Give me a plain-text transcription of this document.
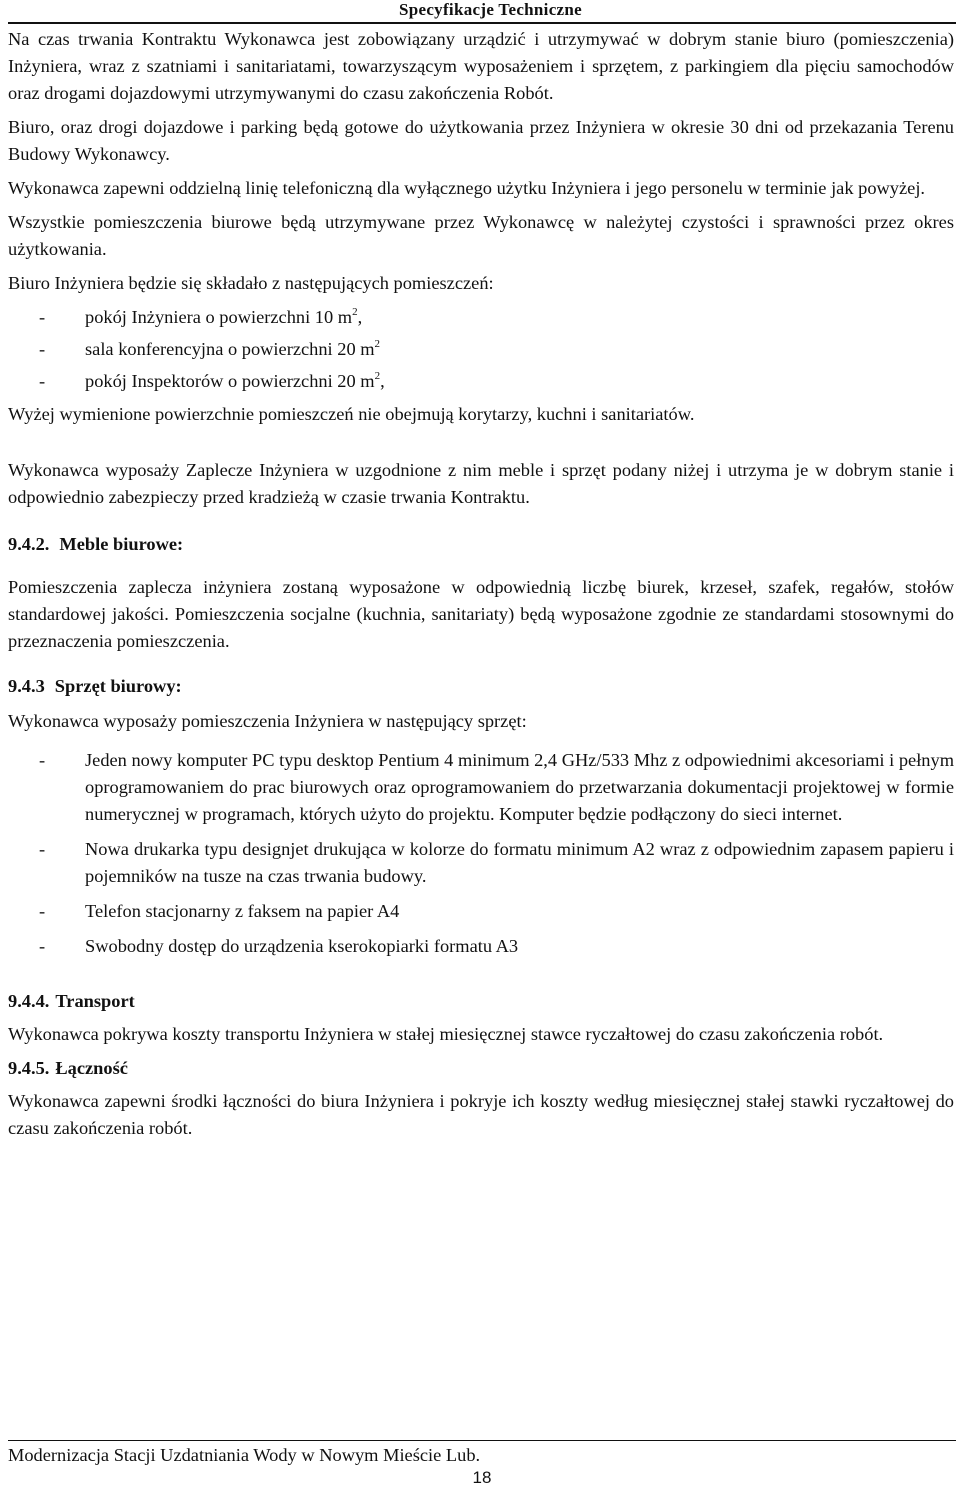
Specyfikacje Techniczne

Na czas trwania Kontraktu Wykonawca jest zobowiązany urządzić i utrzymywać w dobrym stanie biuro (pomieszczenia) Inżyniera, wraz z szatniami i sanitariatami, towarzyszącym wyposażeniem i sprzętem, z parkingiem dla pięciu samochodów oraz drogami dojazdowymi utrzymywanymi do czasu zakończenia Robót.

Biuro, oraz drogi dojazdowe i parking będą gotowe do użytkowania przez Inżyniera w okresie 30 dni od przekazania Terenu Budowy Wykonawcy.

Wykonawca zapewni oddzielną linię telefoniczną dla wyłącznego użytku Inżyniera i jego personelu w terminie jak powyżej.

Wszystkie pomieszczenia biurowe będą utrzymywane przez Wykonawcę w należytej czystości i sprawności przez okres użytkowania.

Biuro Inżyniera będzie się składało z następujących pomieszczeń:

- pokój Inżyniera o powierzchni 10 $m^2$,
- sala konferencyjna o powierzchni 20 $m^2$
- pokój Inspektorów o powierzchni 20 $m^2$,

Wyżej wymienione powierzchnie pomieszczeń nie obejmują korytarzy, kuchni i sanitariatów.

Wykonawca wyposaży Zaplecze Inżyniera w uzgodnione z nim meble i sprzęt podany niżej i utrzyma je w dobrym stanie i odpowiednio zabezpieczy przed kradzieżą w czasie trwania Kontraktu.

9.4.2. Meble biurowe:

Pomieszczenia zaplecza inżyniera zostaną wyposażone w odpowiednią liczbę biurek, krzeseł, szafek, regałów, stołów standardowej jakości. Pomieszczenia socjalne (kuchnia, sanitariaty) będą wyposażone zgodnie ze standardami stosownymi do przeznaczenia pomieszczenia.

9.4.3 Sprzęt biurowy:

Wykonawca wyposaży pomieszczenia Inżyniera w następujący sprzęt:

- Jeden nowy komputer PC typu desktop Pentium 4 minimum 2,4 GHz/533 Mhz z odpowiednimi akcesoriami i pełnym oprogramowaniem do prac biurowych oraz oprogramowaniem do przetwarzania dokumentacji projektowej w formie numerycznej w programach, których użyto do projektu. Komputer będzie podłączony do sieci internet.
- Nowa drukarka typu designjet drukująca w kolorze do formatu minimum A2 wraz z odpowiednim zapasem papieru i pojemników na tusze na czas trwania budowy.
- Telefon stacjonarny z faksem na papier A4
- Swobodny dostęp do urządzenia kserokopiarki formatu A3
9.4.4. Transport

Wykonawca pokrywa koszty transportu Inżyniera w stałej miesięcznej stawce ryczałtowej do czasu zakończenia robót.

9.4.5. Łączność

Wykonawca zapewni środki łączności do biura Inżyniera i pokryje ich koszty według miesięcznej stałej stawki ryczałtowej do czasu zakończenia robót.

Modernizacja Stacji Uzdatniania Wody w Nowym Mieście Lub.
18
